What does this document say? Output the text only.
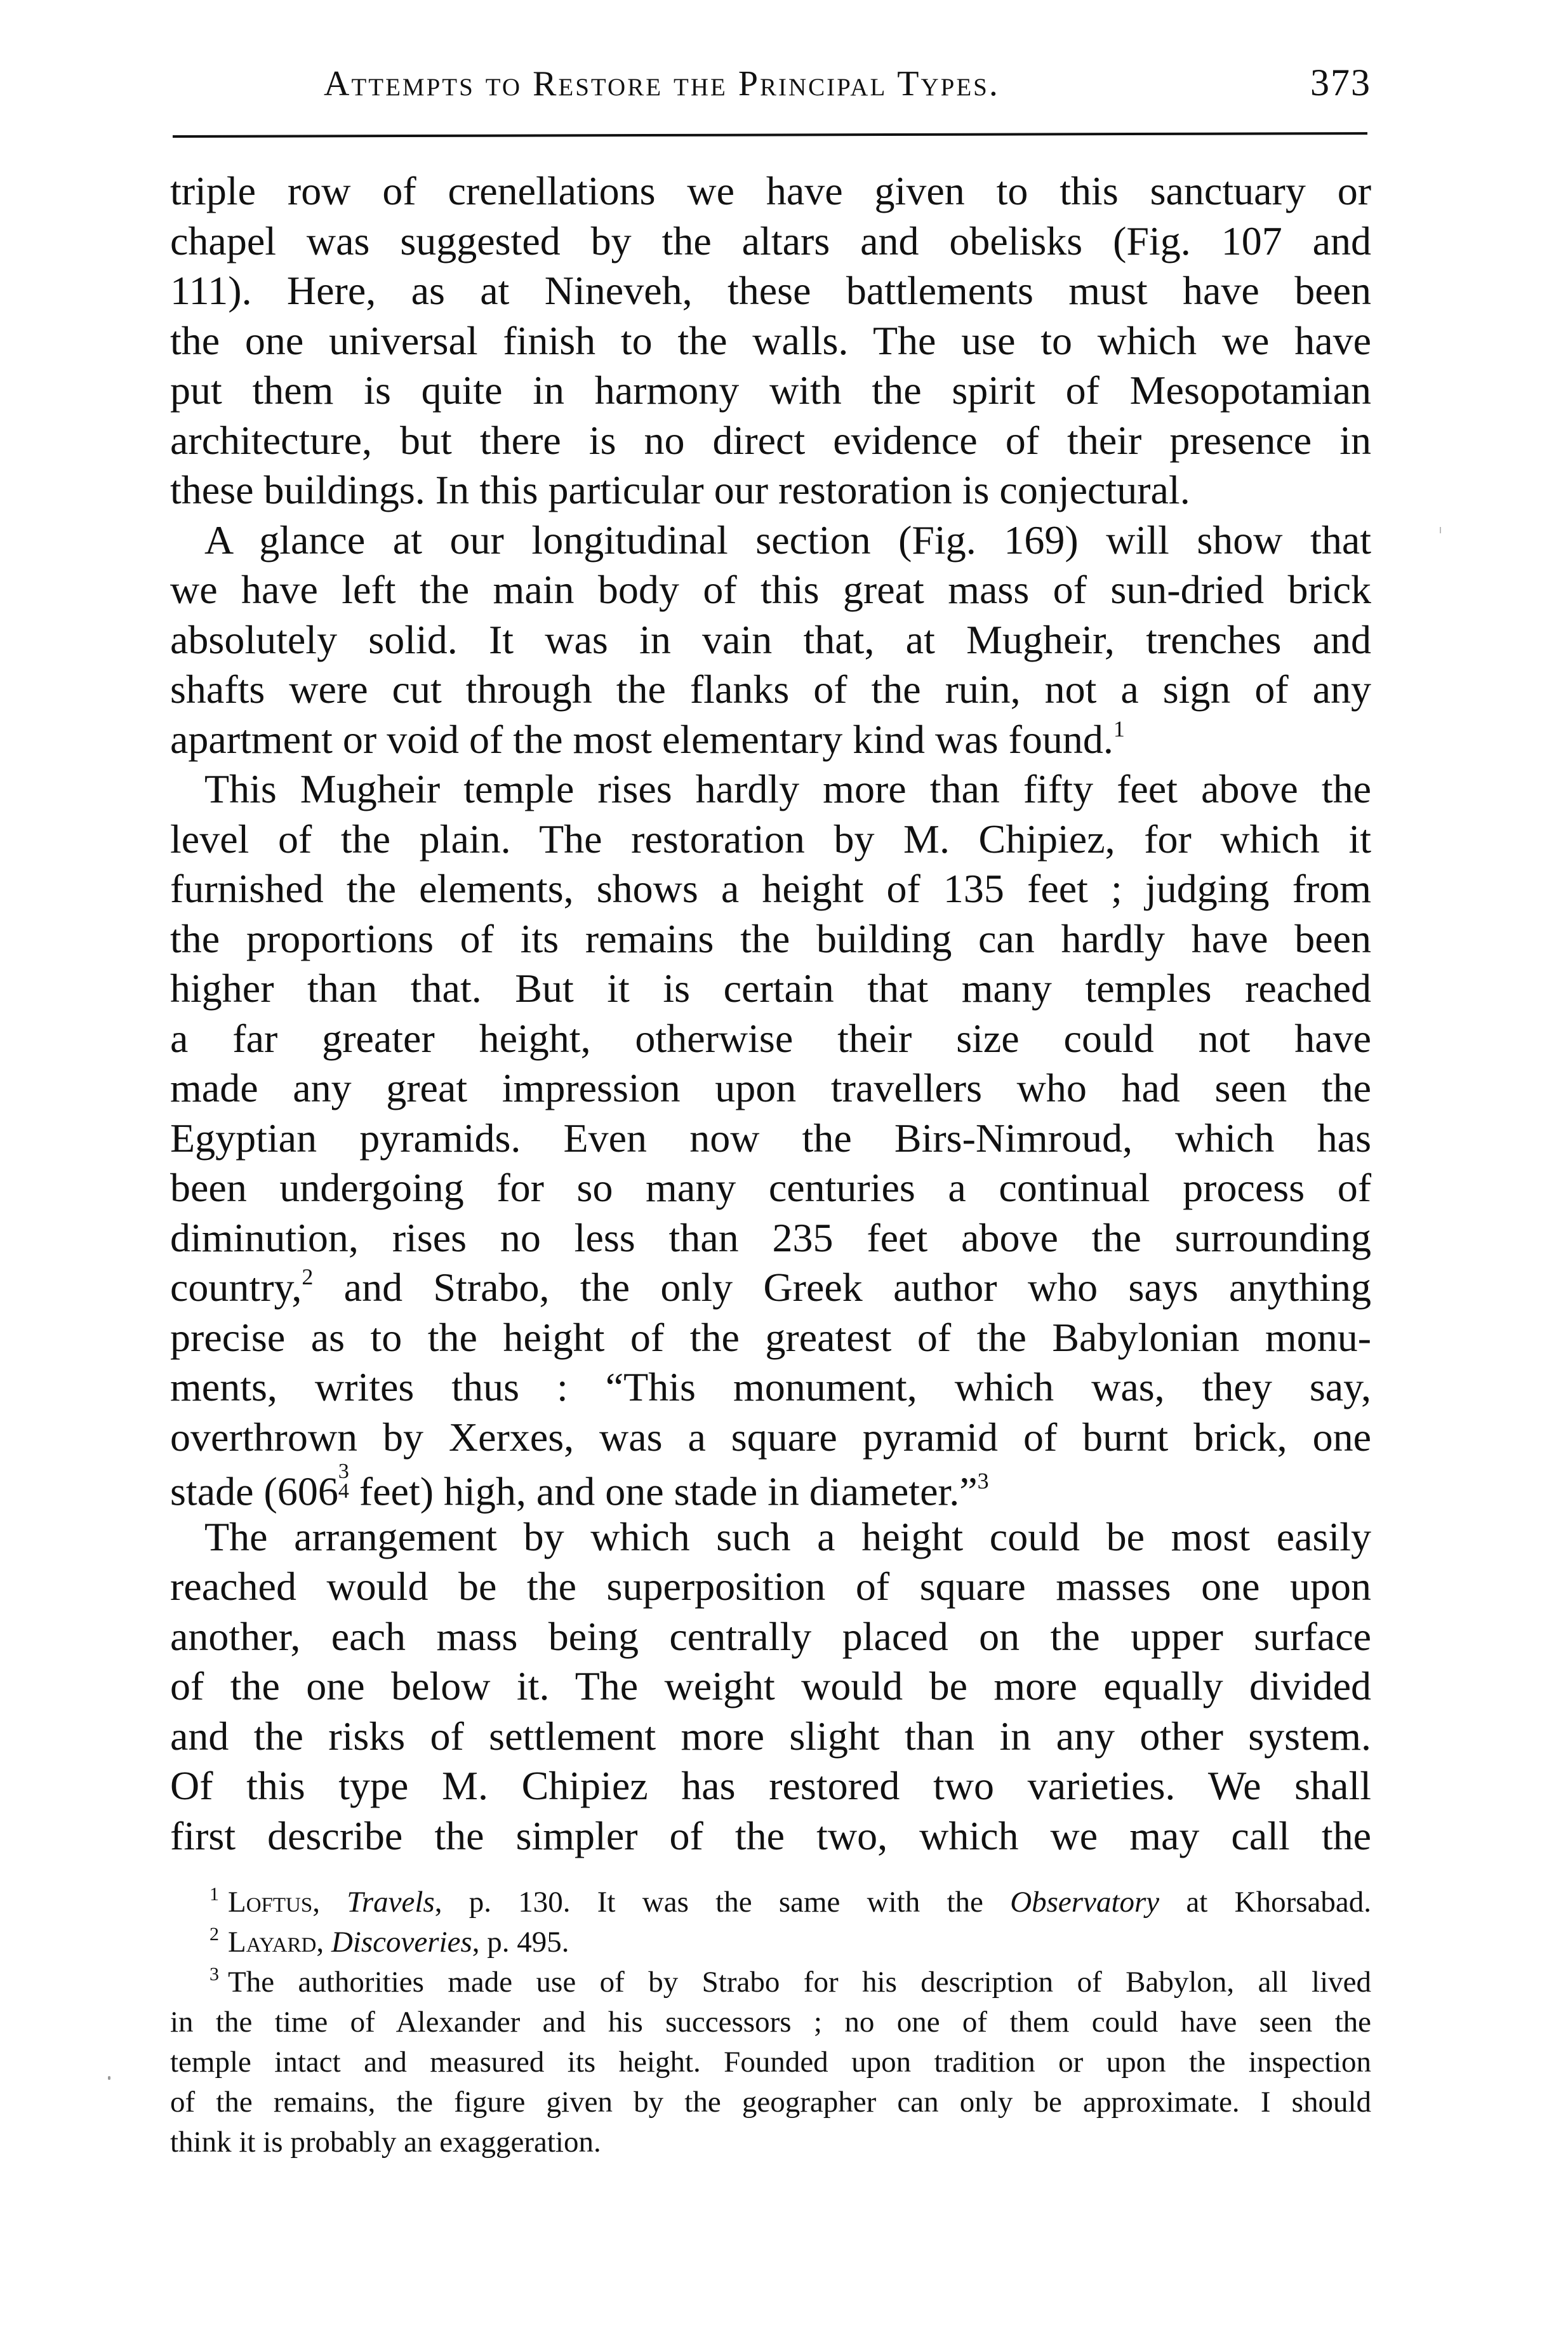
Attempts to Restore the Principal Types.	373
triple row of crenellations we have given to this sanctuary or
chapel was suggested by the altars and obelisks (Fig. 107 and
111). Here, as at Nineveh, these battlements must have been
the one universal finish to the walls. The use to which we have
put them is quite in harmony with the spirit of Mesopotamian
architecture, but there is no direct evidence of their presence in
these buildings. In this particular our restoration is conjectural.
A glance at our longitudinal section (Fig. 169) will show that
we have left the main body of this great mass of sun-dried brick
absolutely solid. It was in vain that, at Mugheir, trenches and
shafts were cut through the flanks of the ruin, not a sign of any
apartment or void of the most elementary kind was found.$^1$
This Mugheir temple rises hardly more than fifty feet above the
level of the plain. The restoration by M. Chipiez, for which it
furnished the elements, shows a height of 135 feet ; judging from
the proportions of its remains the building can hardly have been
higher than that. But it is certain that many temples reached
a far greater height, otherwise their size could not have
made any great impression upon travellers who had seen the
Egyptian pyramids. Even now the Birs-Nimroud, which has
been undergoing for so many centuries a continual process of
diminution, rises no less than 235 feet above the surrounding
country,$^2$ and Strabo, the only Greek author who says anything
precise as to the height of the greatest of the Babylonian monu-
ments, writes thus : “This monument, which was, they say,
overthrown by Xerxes, was a square pyramid of burnt brick, one
stade (6063
4 feet) high, and one stade in diameter.”$^3$
The arrangement by which such a height could be most easily
reached would be the superposition of square masses one upon
another, each mass being centrally placed on the upper surface
of the one below it. The weight would be more equally divided
and the risks of settlement more slight than in any other system.
Of this type M. Chipiez has restored two varieties. We shall
first describe the simpler of the two, which we may call the
$^1$ Loftus, Travels, p. 130. It was the same with the Observatory at Khorsabad.
$^2$ Layard, Discoveries, p. 495.
$^3$ The authorities made use of by Strabo for his description of Babylon, all lived
in the time of Alexander and his successors ; no one of them could have seen the
temple intact and measured its height. Founded upon tradition or upon the inspection
of the remains, the figure given by the geographer can only be approximate. I should
think it is probably an exaggeration.
